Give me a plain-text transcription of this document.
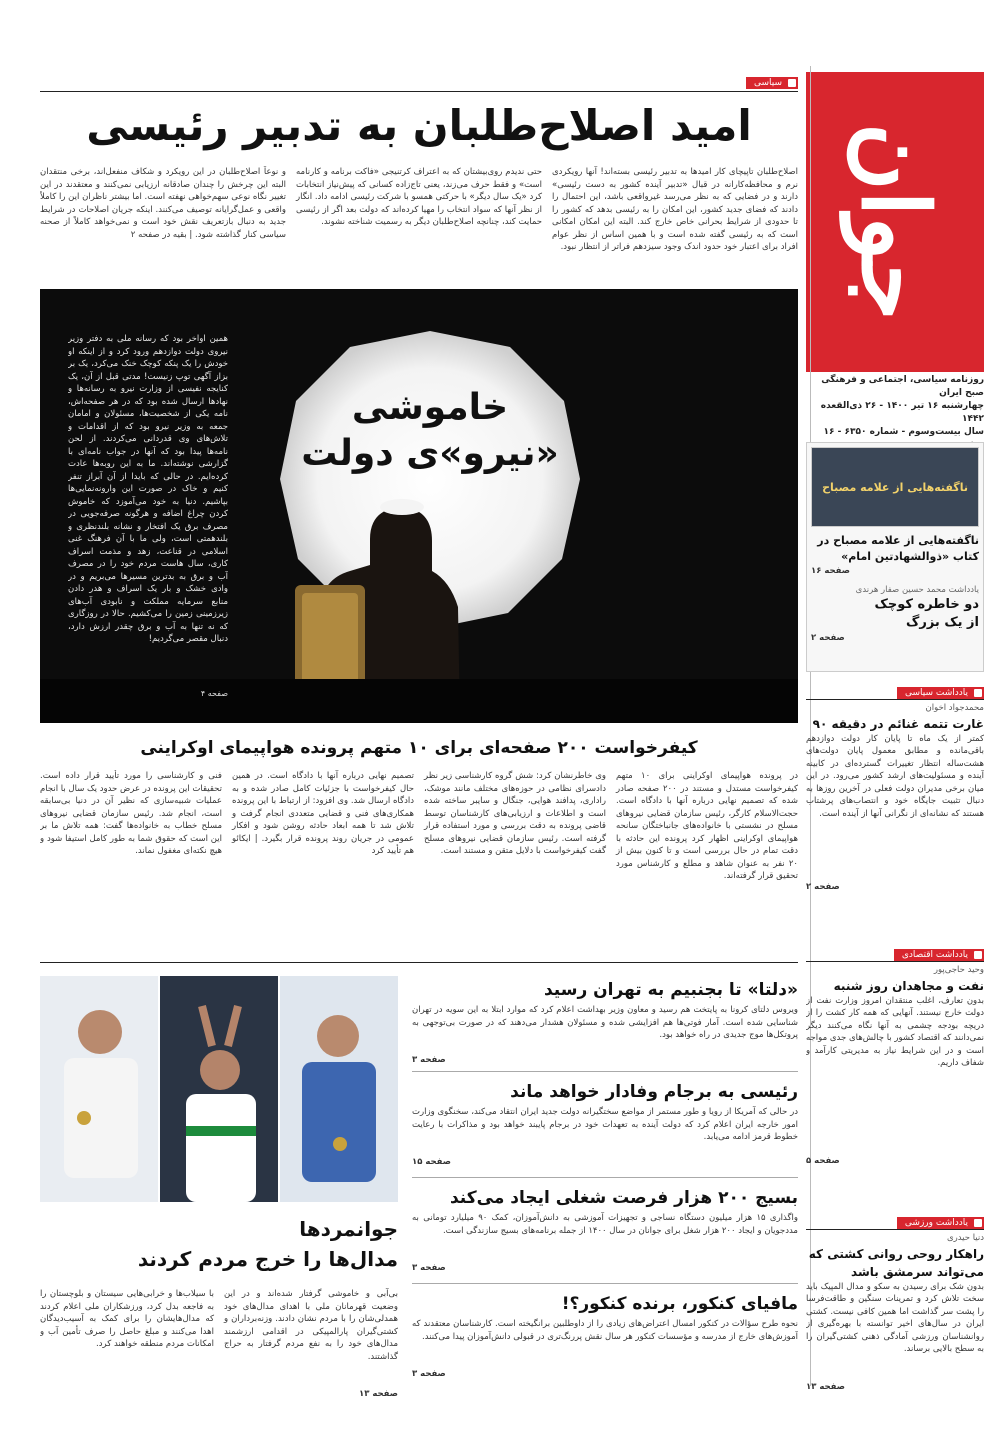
جوان
روزنامه سیاسی، اجتماعی و فرهنگی صبح ایران
چهارشنبه ۱۶ تیر ۱۴۰۰ - ۲۶ ذی‌القعده ۱۴۴۲
سال بیست‌وسوم - شماره ۶۳۵۰ - ۱۶
سیاسی
امید اصلاح‌طلبان به تدبیر رئیسی
اصلاح‌طلبان تا‌پیچای کار امیدها به تدبیر رئیسی بسته‌اند! آنها رویکردی نرم و محافظه‌کارانه در قبال «تدبیر آینده کشور به دست رئیسی» دارند و در فضایی که به نظر می‌رسد غیرواقعی باشد، این احتمال را دادند که فضای جدید کشور، این امکان را به رئیسی بدهد که کشور را تا حدودی از شرایط بحرانی خاص خارج کند. البته این امکان امکانی است که به رئیسی گفته شده است و با همین اساس از نظر عوام افراد برای اعتبار خود حدود اندک وجود سیزدهم فراتر از انتظار نبود.
حتی ندیدم روی‌بیشتان که به اعتراف کرتنیجی «فاکت برنامه و کارنامه است» و فقط حرف می‌زند، یعنی تاج‌زاده کسانی که پیش‌نیاز انتخابات کرد «یک سال دیگر» با حرکتی همسو با شرکت رئیسی ادامه داد. انگار از نظر آنها که سواد انتخاب را مهیا کرده‌اند که دولت بعد اگر از رئیسی حمایت کند، چنانچه اصلاح‌طلبان دیگر به رسمیت شناخته نشوند.
و نوعاً اصلاح‌طلبان در این رویکرد و شکاف منفعل‌اند، برخی منتقدان البته این چرخش را چندان صادقانه ارزیابی نمی‌کنند و معتقدند در این تغییر نگاه نوعی سهم‌خواهی نهفته است. اما بیشتر ناظران این را کاملاً واقعی و عمل‌گرایانه توصیف می‌کنند. اینکه جریان اصلاحات در شرایط جدید به دنبال بازتعریف نقش خود است و نمی‌خواهد کاملاً از صحنه سیاسی کنار گذاشته شود. | بقیه در صفحه ۲
خاموشی
«نیرو»ی دولت
همین اواخر بود که رسانه ملی به دفتر وزیر نیروی دولت دوازدهم ورود کرد و از اینکه او خودش را یک پنکه کوچک خنک می‌کرد، یک بر بزاز آگهی توپ زنیست! مدتی قبل از آن، یک کنایجه نفیسی از وزارت نیرو به رسانه‌ها و نهادها ارسال شده بود که در هر صفحه‌اش، نامه یکی از شخصیت‌ها، مسئولان و امامان جمعه به وزیر نیرو بود که از اقدامات و تلاش‌های وی قدردانی می‌کردند. از لحن نامه‌ها پیدا بود که آنها در جواب نامه‌ای با گزارشی نوشته‌اند. ما به این روبه‌ها عادت کرده‌ایم. در حالی که بایدا از آن آبراز تنفر کنیم و خاک در صورت این وارونه‌نمایی‌ها بپاشیم. دنیا به خود می‌آموزد که خاموش کردن چراغ اضافه و هرگونه صرفه‌جویی در مصرف برق یک افتخار و نشانه بلندنظری و بلندهمتی است، ولی ما با آن فرهنگ غنی اسلامی در قناعت، زهد و مذمت اسراف کاری، سال هاست مردم خود را در مصرف آب و برق به بدترین مسیرها می‌بریم و در وادی خشک و بار یک اسراف و هدر دادن منابع سرمایه مملکت و نابودی آب‌های زیرزمینی زمین را می‌کشیم. حالا در روزگاری که نه تنها به آب و برق چقدر ارزش دارد، دنبال مقصر می‌گردیم!
صفحه ۴
کیفرخواست ۲۰۰ صفحه‌ای برای ۱۰ متهم پرونده هواپیمای اوکراینی
در پرونده هواپیمای اوکراینی برای ۱۰ متهم کیفرخواست مستدل و مستند در ۲۰۰ صفحه صادر شده که تصمیم نهایی درباره آنها با دادگاه است. حجت‌الاسلام کارگر، رئیس سازمان قضایی نیروهای مسلح در نشستی با خانواده‌های جانباختگان سانحه هواپیمای اوکراینی اظهار کرد پرونده این حادثه با دقت تمام در حال بررسی است و تا کنون بیش از ۲۰ نفر به عنوان شاهد و مطلع و کارشناس مورد تحقیق قرار گرفته‌اند.
وی خاطرنشان کرد: شش گروه کارشناسی زیر نظر دادسرای نظامی در حوزه‌های مختلف مانند موشک، راداری، پدافند هوایی، جنگال و سایبر ساخته شده است و اطلاعات و ارزیابی‌های کارشناسان توسط قاضی پرونده به دقت بررسی و مورد استفاده قرار گرفته است. رئیس سازمان قضایی نیروهای مسلح گفت کیفرخواست با دلایل متقن و مستند است.
تصمیم نهایی درباره آنها با دادگاه است. در همین حال کیفرخواست با جزئیات کامل صادر شده و به دادگاه ارسال شد. وی افزود: از ارتباط با این پرونده همکاری‌های فنی و قضایی متعددی انجام گرفت و تلاش شد تا همه ابعاد حادثه روشن شود و افکار عمومی در جریان روند پرونده قرار بگیرد. | ایکائو هم تأیید کرد
فنی و کارشناسی را مورد تأیید قرار داده است. تحقیقات این پرونده در عرض حدود یک سال با انجام عملیات شبیه‌سازی که نظیر آن در دنیا بی‌سابقه است، انجام شد. رئیس سازمان قضایی نیروهای مسلح خطاب به خانواده‌ها گفت: همه تلاش ما بر این است که حقوق شما به طور کامل استیفا شود و هیچ نکته‌ای مغفول نماند.
جوانمردها
مدال‌ها را خرج مردم کردند
بی‌آبی و خاموشی گرفتار شده‌اند و در این وضعیت قهرمانان ملی با اهدای مدال‌های خود همدلی‌شان را با مردم نشان دادند. وزنه‌برداران و کشتی‌گیران پارالمپیکی در اقدامی ارزشمند مدال‌های خود را به نفع مردم گرفتار به حراج گذاشتند.
با سیلاب‌ها و خرابی‌هایی سیستان و بلوچستان را به فاجعه بدل کرد، ورزشکاران ملی اعلام کردند که مدال‌هایشان را برای کمک به آسیب‌دیدگان اهدا می‌کنند و مبلغ حاصل را صرف تأمین آب و امکانات مردم منطقه خواهند کرد.
صفحه ۱۳
«دلتا» تا بجنبیم به تهران رسید
ویروس دلتای کرونا به پایتخت هم رسید و معاون وزیر بهداشت اعلام کرد که موارد ابتلا به این سویه در تهران شناسایی شده است. آمار فوتی‌ها هم افزایشی شده و مسئولان هشدار می‌دهند که در صورت بی‌توجهی به پروتکل‌ها موج جدیدی در راه خواهد بود.
صفحه ۳
رئیسی به برجام وفادار خواهد ماند
در حالی که آمریکا از رویا و طور مستمر از مواضع سختگیرانه دولت جدید ایران انتقاد می‌کند، سخنگوی وزارت امور خارجه ایران اعلام کرد که دولت آینده به تعهدات خود در برجام پایبند خواهد بود و مذاکرات با رعایت خطوط قرمز ادامه می‌یابد.
صفحه ۱۵
بسیج ۲۰۰ هزار فرصت شغلی ایجاد می‌کند
واگذاری ۱۵ هزار میلیون دستگاه نساجی و تجهیزات آموزشی به دانش‌آموزان، کمک ۹۰ میلیارد تومانی به مددجویان و ایجاد ۲۰۰ هزار شغل برای جوانان در سال ۱۴۰۰ از جمله برنامه‌های بسیج سازندگی است.
صفحه ۳
مافیای کنکور، برنده کنکور؟!
نحوه طرح سؤالات در کنکور امسال اعتراض‌های زیادی را از داوطلبین برانگیخته است. کارشناسان معتقدند که آموزش‌های خارج از مدرسه و مؤسسات کنکور هر سال نقش پررنگ‌تری در قبولی دانش‌آموزان پیدا می‌کنند.
صفحه ۳
ناگفته‌هایی از علامه مصباح
ناگفته‌هایی از علامه مصباح در کتاب «ذوالشهادتین امام»
صفحه ۱۶
یادداشت محمد حسین صفار هرندی
دو خاطره کوچک
از یک بزرگ
صفحه ۲
یادداشت سیاسی
محمدجواد اخوان
غارت تتمه غنائم در دقیقه ۹۰
کمتر از یک ماه تا پایان کار دولت دوازدهم باقی‌مانده و مطابق معمول پایان دولت‌های هشت‌ساله انتظار تغییرات گسترده‌ای در کابینه آینده و مسئولیت‌های ارشد کشور می‌رود. در این میان برخی مدیران دولت فعلی در آخرین روزها به دنبال تثبیت جایگاه خود و انتصاب‌های پرشتاب هستند که نشانه‌ای از نگرانی آنها از آینده است.
صفحه ۲
یادداشت اقتصادی
وحید حاجی‌پور
نفت و مجاهدان روز شنبه
بدون تعارف، اغلب منتقدان امروز وزارت نفت از دولت خارج نیستند. آنهایی که همه کار کشت را از دریچه بودجه چشمی به آنها نگاه می‌کنند دیگر نمی‌دانند که اقتصاد کشور با چالش‌های جدی مواجه است و در این شرایط نیاز به مدیریتی کارآمد و شفاف داریم.
صفحه ۵
یادداشت ورزشی
دنیا حیدری
راهکار روحی روانی کشتی که می‌تواند سرمشق باشد
بدون شک برای رسیدن به سکو و مدال المپیک باید سخت تلاش کرد و تمرینات سنگین و طاقت‌فرسا را پشت سر گذاشت اما همین کافی نیست. کشتی ایران در سال‌های اخیر توانسته با بهره‌گیری از روانشناسان ورزشی آمادگی ذهنی کشتی‌گیران را به سطح بالایی برساند.
صفحه ۱۳
